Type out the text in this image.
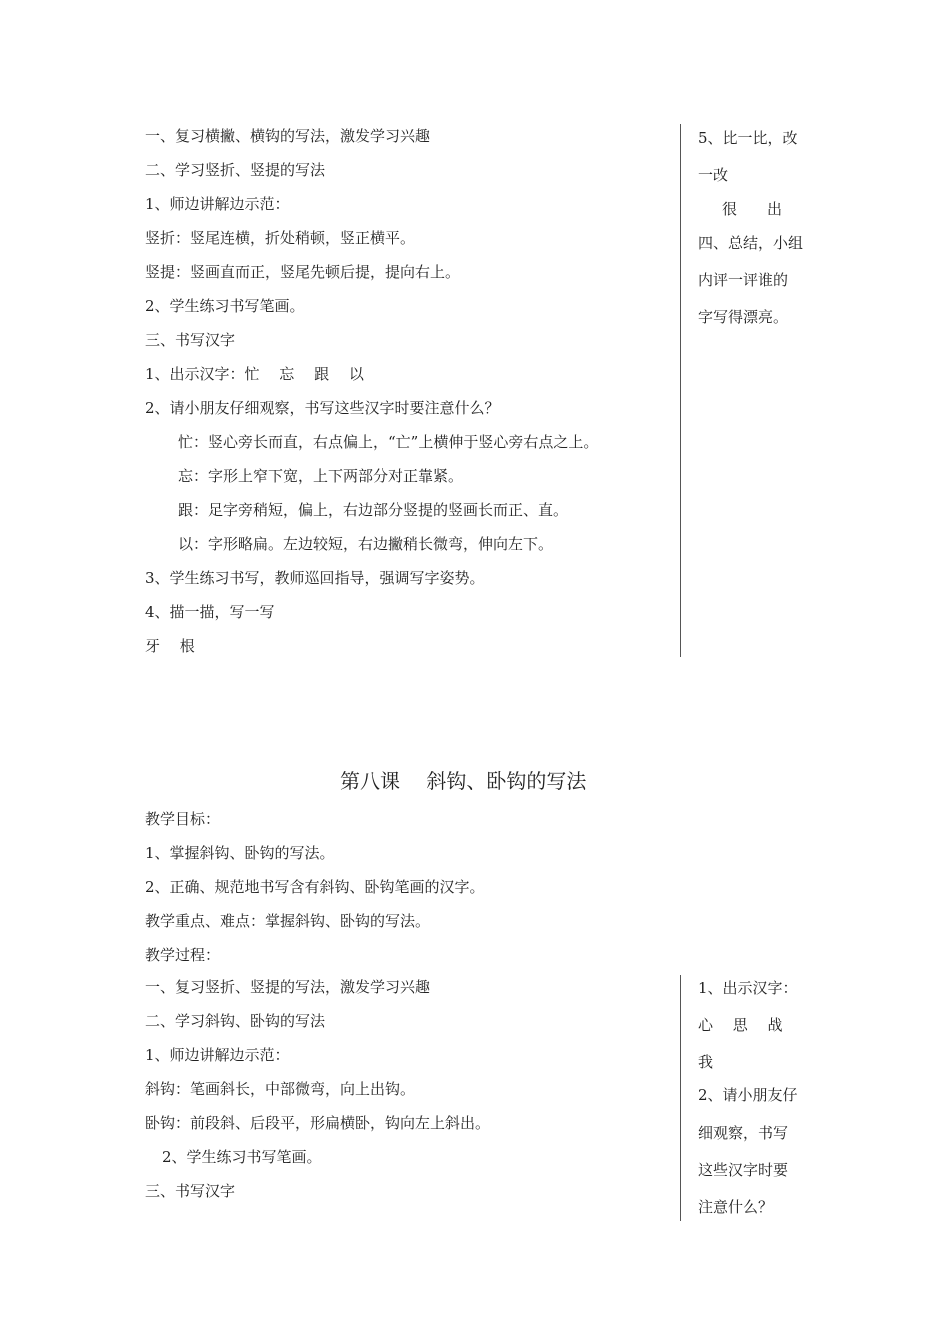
一、复习横撇、横钩的写法，激发学习兴趣
二、学习竖折、竖提的写法
1、师边讲解边示范：
竖折：竖尾连横，折处稍顿，竖正横平。
竖提：竖画直而正，竖尾先顿后提，提向右上。
2、学生练习书写笔画。
三、书写汉字
1、出示汉字：忙　 忘　 跟　 以
2、请小朋友仔细观察，书写这些汉字时要注意什么？
忙：竖心旁长而直，右点偏上，“亡”上横伸于竖心旁右点之上。
忘：字形上窄下宽，上下两部分对正靠紧。
跟：足字旁稍短，偏上，右边部分竖提的竖画长而正、直。
以：字形略扁。左边较短，右边撇稍长微弯，伸向左下。
3、学生练习书写，教师巡回指导，强调写字姿势。
4、描一描，写一写
牙　 根
5、比一比，改
一改
很　　出
四、总结，小组
内评一评谁的
字写得漂亮。
第八课　 斜钩、卧钩的写法
教学目标：
1、掌握斜钩、卧钩的写法。
2、正确、规范地书写含有斜钩、卧钩笔画的汉字。
教学重点、难点：掌握斜钩、卧钩的写法。
教学过程：
一、复习竖折、竖提的写法，激发学习兴趣
二、学习斜钩、卧钩的写法
1、师边讲解边示范：
斜钩：笔画斜长，中部微弯，向上出钩。
卧钩：前段斜、后段平，形扁横卧，钩向左上斜出。
2、学生练习书写笔画。
三、书写汉字
1、出示汉字：
心　 思　 战
我
2、请小朋友仔
细观察，书写
这些汉字时要
注意什么？
